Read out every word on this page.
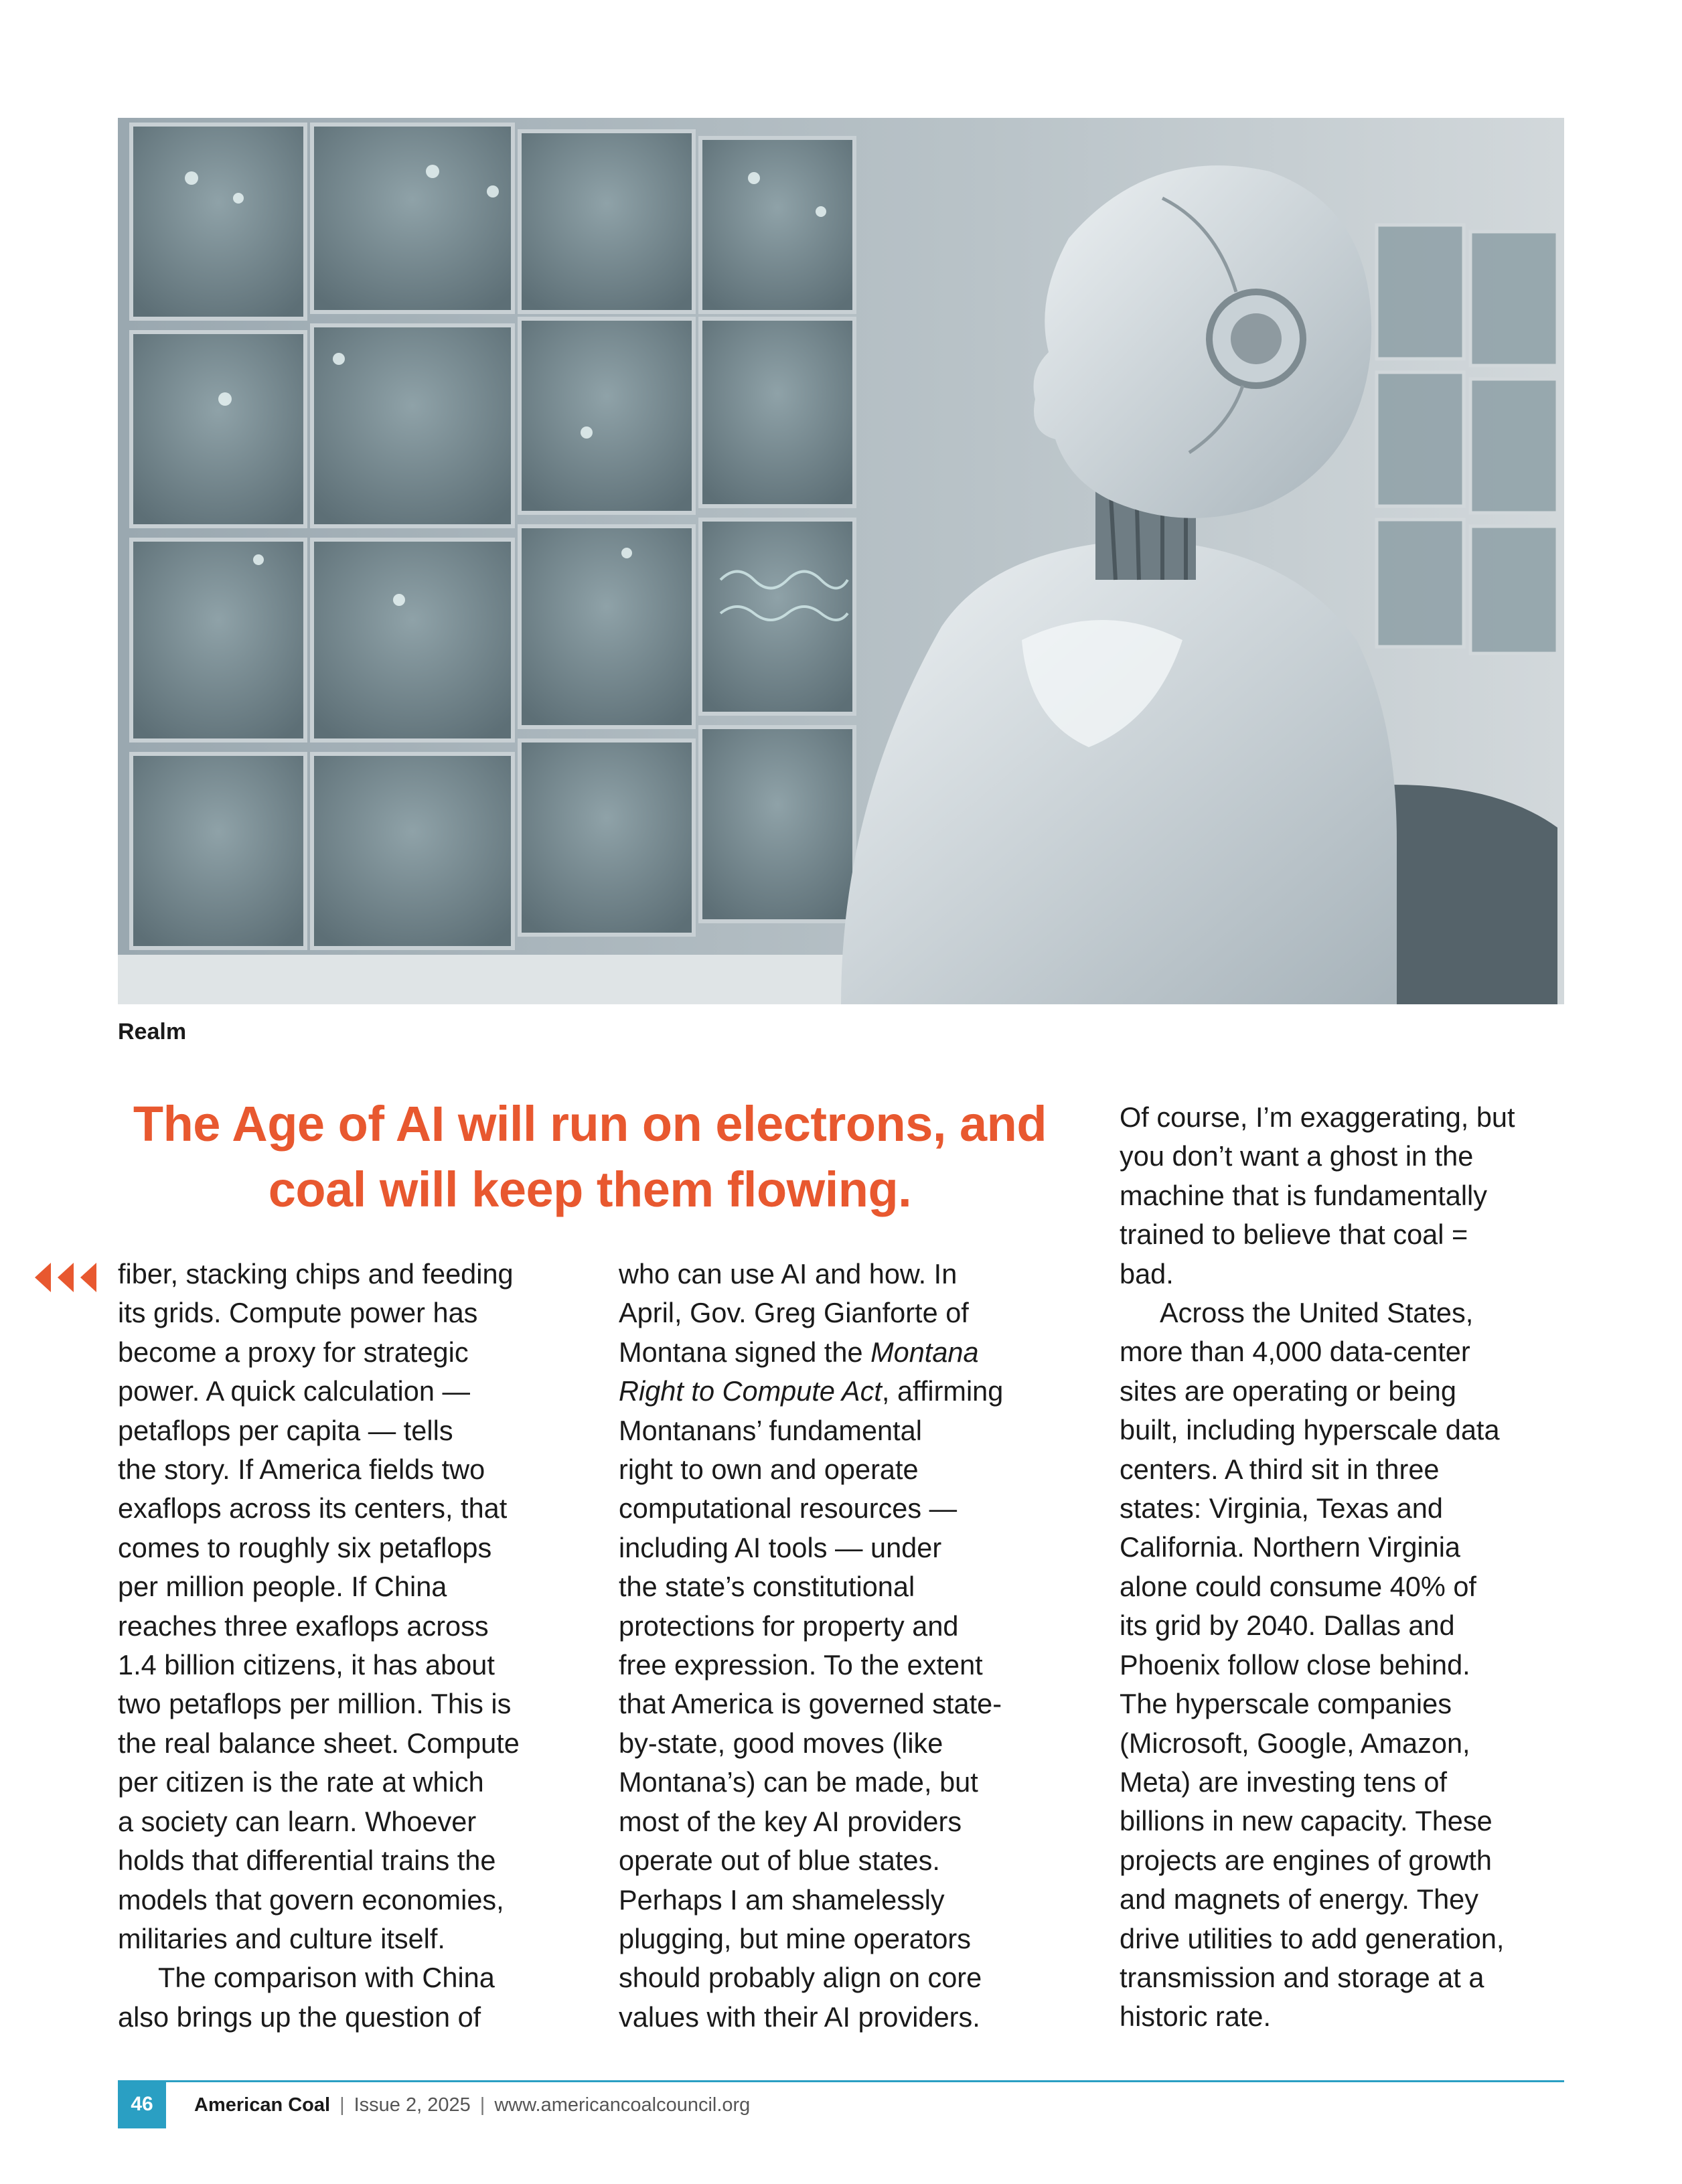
Realm
The Age of AI will run on electrons, and
coal will keep them flowing.
fiber, stacking chips and feeding
its grids. Compute power has
become a proxy for strategic
power. A quick calculation —
petaflops per capita — tells
the story. If America fields two
exaflops across its centers, that
comes to roughly six petaflops
per million people. If China
reaches three exaflops across
1.4 billion citizens, it has about
two petaflops per million. This is
the real balance sheet. Compute
per citizen is the rate at which
a society can learn. Whoever
holds that differential trains the
models that govern economies,
militaries and culture itself.
The comparison with China
also brings up the question of
who can use AI and how. In
April, Gov. Greg Gianforte of
Montana signed the Montana
Right to Compute Act, affirming
Montanans’ fundamental
right to own and operate
computational resources —
including AI tools — under
the state’s constitutional
protections for property and
free expression. To the extent
that America is governed state-
by-state, good moves (like
Montana’s) can be made, but
most of the key AI providers
operate out of blue states.
Perhaps I am shamelessly
plugging, but mine operators
should probably align on core
values with their AI providers.
Of course, I’m exaggerating, but
you don’t want a ghost in the
machine that is fundamentally
trained to believe that coal =
bad.
Across the United States,
more than 4,000 data-center
sites are operating or being
built, including hyperscale data
centers. A third sit in three
states: Virginia, Texas and
California. Northern Virginia
alone could consume 40% of
its grid by 2040. Dallas and
Phoenix follow close behind.
The hyperscale companies
(Microsoft, Google, Amazon,
Meta) are investing tens of
billions in new capacity. These
projects are engines of growth
and magnets of energy. They
drive utilities to add generation,
transmission and storage at a
historic rate.
46	American Coal | Issue 2, 2025 | www.americancoalcouncil.org
